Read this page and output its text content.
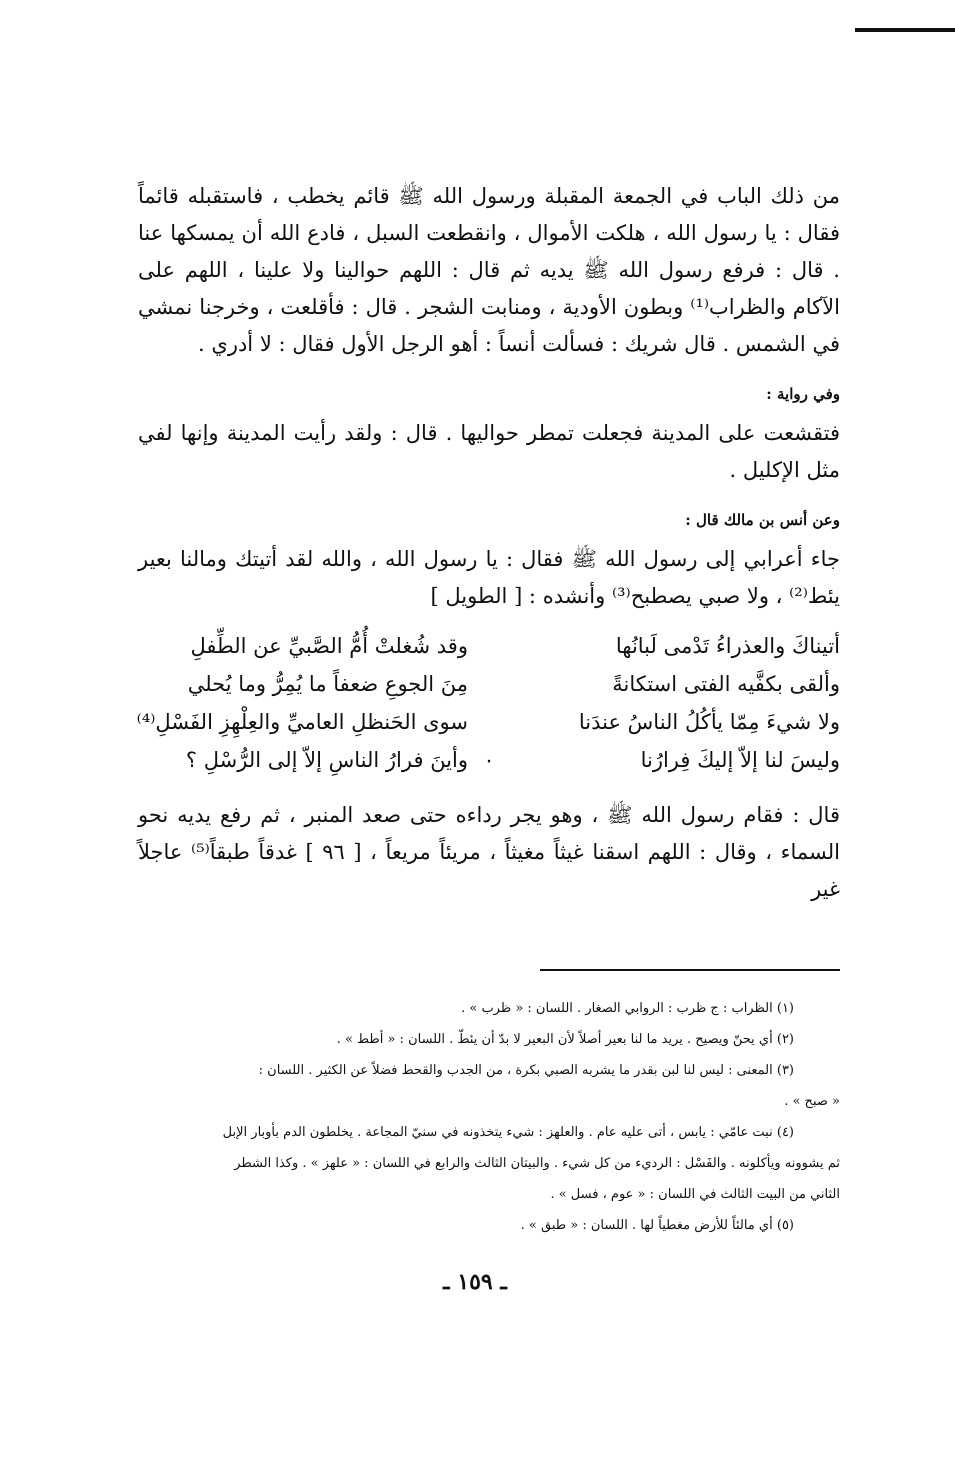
من ذلك الباب في الجمعة المقبلة ورسول الله ﷺ قائم يخطب ، فاستقبله قائماً فقال : يا رسول الله ، هلكت الأموال ، وانقطعت السبل ، فادع الله أن يمسكها عنا . قال : فرفع رسول الله ﷺ يديه ثم قال : اللهم حوالينا ولا علينا ، اللهم على الآكام والظراب⁽¹⁾ وبطون الأودية ، ومنابت الشجر . قال : فأقلعت ، وخرجنا نمشي في الشمس . قال شريك : فسألت أنساً : أهو الرجل الأول فقال : لا أدري .

وفي رواية :

فتقشعت على المدينة فجعلت تمطر حواليها . قال : ولقد رأيت المدينة وإنها لفي مثل الإكليل .

وعن أنس بن مالك قال :

جاء أعرابي إلى رسول الله ﷺ فقال : يا رسول الله ، والله لقد أتيتك ومالنا بعير يئط⁽²⁾ ، ولا صبي يصطبح⁽³⁾ وأنشده : [ الطويل ]

أتيناكَ والعذراءُ تَدْمى لَبانُها
وقد شُغلتْ أُمُّ الصَّبيِّ عن الطِّفلِ
وألقى بكفَّيه الفتى استكانةً
مِنَ الجوعِ ضعفاً ما يُمِرُّ وما يُحلي
ولا شيءَ مِمّا يأكُلُ الناسُ عندَنا
سوى الحَنظلِ العاميِّ والعِلْهِزِ الفَسْلِ⁽⁴⁾
وليسَ لنا إلاّ إليكَ فِرارُنا
٠
وأينَ فرارُ الناسِ إلاّ إلى الرُّسْلِ ؟

قال : فقام رسول الله ﷺ ، وهو يجر رداءه حتى صعد المنبر ، ثم رفع يديه نحو السماء ، وقال : اللهم اسقنا غيثاً مغيثاً ، مريئاً مريعاً ، [ ٩٦ ] غدقاً طبقاً⁽⁵⁾ عاجلاً غير

(١) الظراب : ج ظرب : الروابي الصغار . اللسان : « ظرب » .

(٢) أي يحنّ ويصيح . يريد ما لنا بعير أصلاً لأن البعير لا بدّ أن يئطّ . اللسان : « أطط » .

(٣) المعنى : ليس لنا لبن بقدر ما يشربه الصبي بكرة ، من الجدب والقحط فضلاً عن الكثير . اللسان :

« صبح » .

(٤) نبت عامّي : يابس ، أتى عليه عام . والعلهز : شيء يتخذونه في سنيّ المجاعة . يخلطون الدم بأوبار الإبل

ثم يشوونه ويأكلونه . والفَسْل : الرديء من كل شيء . والبيتان الثالث والرابع في اللسان : « علهز » . وكذا الشطر

الثاني من البيت الثالث في اللسان : « عوم ، فسل » .

(٥) أي مالئاً للأرض مغطياً لها . اللسان : « طبق » .

ـ ١٥٩ ـ
